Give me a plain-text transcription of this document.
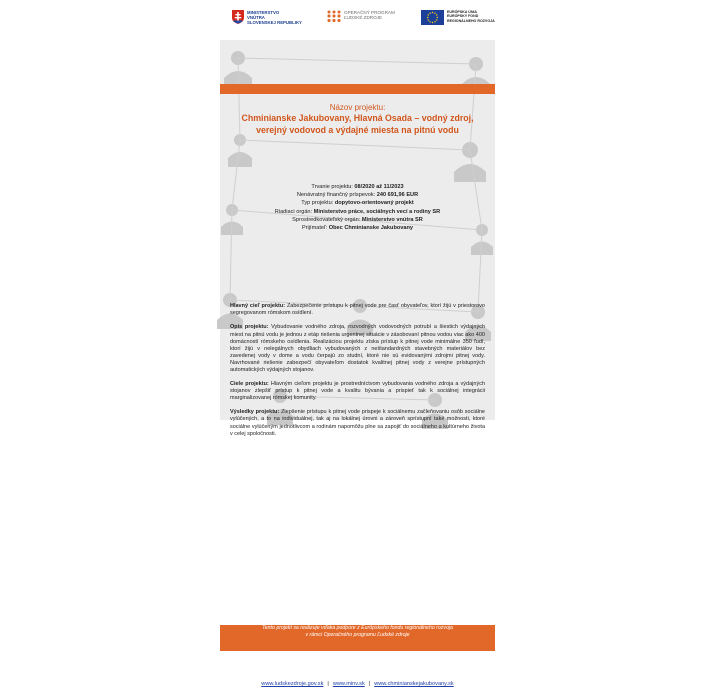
MINISTERSTVO
VNÚTRA
SLOVENSKEJ REPUBLIKY
OPERAČNÝ PROGRAM
ĽUDSKÉ ZDROJE
EURÓPSKA ÚNIA
EURÓPSKY FOND
REGIONÁLNEHO ROZVOJA
Názov projektu:
Chminianske Jakubovany, Hlavná Osada – vodný zdroj,
verejný vodovod a výdajné miesta na pitnú vodu
Trvanie projektu: 08/2020 až 11/2023
Nenávratný finančný príspevok: 240 691,96 EUR
Typ projektu: dopytovo-orientovaný projekt
Riadiaci orgán: Ministerstvo práce, sociálnych vecí a rodiny SR
Sprostredkovateľský orgán: Ministerstvo vnútra SR
Prijímateľ: Obec Chminianske Jakubovany

Hlavný cieľ projektu: Zabezpečenie prístupu k pitnej vode pre časť obyvateľov, ktorí žijú v priestorovo segregovanom rómskom osídlení.

Opis projektu: Vybudovanie vodného zdroja, rozvodných vodovodných potrubí a šiestich výdajných miest na pitnú vodu je jednou z etáp riešenia urgentnej situácie v zásobovaní pitnou vodou viac ako 400 domácností rómskeho osídlenia. Realizáciou projektu získa prístup k pitnej vode minimálne 350 ľudí, ktorí žijú v nelegálnych obydliach vybudovaných z neštandardných stavebných materiálov bez zavedenej vody v dome a vodu čerpajú zo studní, ktoré nie sú evidovanými zdrojmi pitnej vody. Navrhované riešenie zabezpečí obyvateľom dostatok kvalitnej pitnej vody z verejne prístupných automatických výdajných stojanov.

Ciele projektu: Hlavným cieľom projektu je prostredníctvom vybudovania vodného zdroja a výdajných stojanov zlepšiť prístup k pitnej vode a kvalitu bývania a prispieť tak k sociálnej integrácii marginalizovanej rómskej komunity.

Výsledky projektu: Zlepšenie prístupu k pitnej vode prispeje k sociálnemu začleňovaniu osôb sociálne vylúčených, a to na individuálnej, tak aj na lokálnej úrovni a zároveň sprístupní také možnosti, ktoré sociálne vylúčeným jednotlivcom a rodinám napomôžu plne sa zapojiť do sociálneho a kultúrneho života v celej spoločnosti.

Tento projekt sa realizuje vďaka podpore z Európskeho fondu regionálneho rozvoja
v rámci Operačného programu Ľudské zdroje
www.ludskezdroje.gov.sk | www.minv.sk | www.chminianskejakubovany.sk
